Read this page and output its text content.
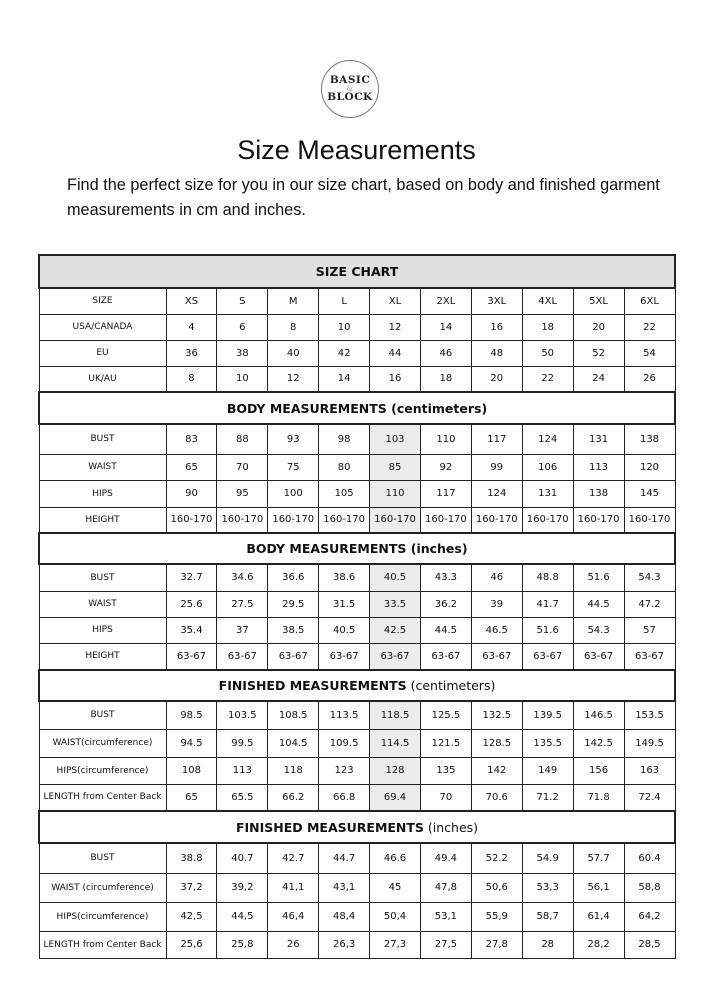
BASIC
&
BLOCK
Size Measurements

Find the perfect size for you in our size chart, based on body and finished garment measurements in cm and inches.

SIZE CHART										
SIZE	XS	S	M	L	XL	2XL	3XL	4XL	5XL	6XL
USA/CANADA	4	6	8	10	12	14	16	18	20	22
EU	36	38	40	42	44	46	48	50	52	54
UK/AU	8	10	12	14	16	18	20	22	24	26
BODY MEASUREMENTS (centimeters)										
BUST	83	88	93	98	103	110	117	124	131	138
WAIST	65	70	75	80	85	92	99	106	113	120
HIPS	90	95	100	105	110	117	124	131	138	145
HEIGHT	160-170	160-170	160-170	160-170	160-170	160-170	160-170	160-170	160-170	160-170
BODY MEASUREMENTS (inches)										
BUST	32.7	34.6	36.6	38.6	40.5	43.3	46	48.8	51.6	54.3
WAIST	25.6	27.5	29.5	31.5	33.5	36.2	39	41.7	44.5	47.2
HIPS	35.4	37	38.5	40.5	42.5	44.5	46.5	51.6	54.3	57
HEIGHT	63-67	63-67	63-67	63-67	63-67	63-67	63-67	63-67	63-67	63-67
FINISHED MEASUREMENTS (centimeters)										
BUST	98.5	103.5	108.5	113.5	118.5	125.5	132.5	139.5	146.5	153.5
WAIST(circumference)	94.5	99.5	104.5	109.5	114.5	121.5	128.5	135.5	142.5	149.5
HIPS(circumference)	108	113	118	123	128	135	142	149	156	163
LENGTH from Center Back	65	65.5	66.2	66.8	69.4	70	70.6	71.2	71.8	72.4
FINISHED MEASUREMENTS (inches)										
BUST	38.8	40.7	42.7	44.7	46.6	49.4	52.2	54.9	57.7	60.4
WAIST (circumference)	37,2	39,2	41,1	43,1	45	47,8	50,6	53,3	56,1	58,8
HIPS(circumference)	42,5	44,5	46,4	48,4	50,4	53,1	55,9	58,7	61,4	64,2
LENGTH from Center Back	25,6	25,8	26	26,3	27,3	27,5	27,8	28	28,2	28,5
